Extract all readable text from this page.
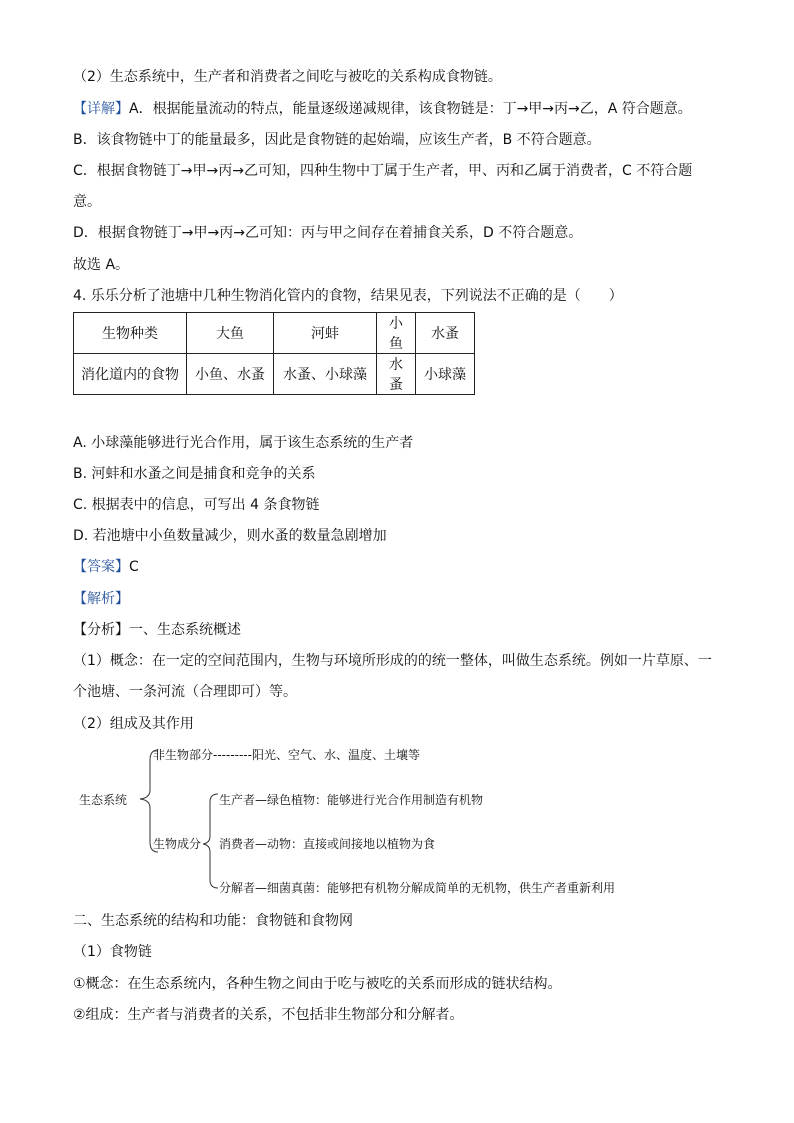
（2）生态系统中，生产者和消费者之间吃与被吃的关系构成食物链。
【详解】A．根据能量流动的特点，能量逐级递减规律，该食物链是：丁→甲→丙→乙，A 符合题意。
B．该食物链中丁的能量最多，因此是食物链的起始端，应该生产者，B 不符合题意。
C．根据食物链丁→甲→丙→乙可知，四种生物中丁属于生产者，甲、丙和乙属于消费者，C 不符合题
意。
D．根据食物链丁→甲→丙→乙可知：丙与甲之间存在着捕食关系，D 不符合题意。
故选 A。
4. 乐乐分析了池塘中几种生物消化管内的食物，结果见表，下列说法不正确的是（　　）
生物种类	大鱼	河蚌	小鱼	水蚤
消化道内的食物	小鱼、水蚤	水蚤、小球藻	水蚤	小球藻
A. 小球藻能够进行光合作用，属于该生态系统的生产者
B. 河蚌和水蚤之间是捕食和竞争的关系
C. 根据表中的信息，可写出 4 条食物链
D. 若池塘中小鱼数量减少，则水蚤的数量急剧增加
【答案】C
【解析】
【分析】一、生态系统概述
（1）概念：在一定的空间范围内，生物与环境所形成的的统一整体，叫做生态系统。例如一片草原、一
个池塘、一条河流（合理即可）等。
（2）组成及其作用
生态系统
非生物部分---------阳光、空气、水、温度、土壤等
生物成分
生产者—绿色植物：能够进行光合作用制造有机物
消费者—动物：直接或间接地以植物为食
分解者—细菌真菌：能够把有机物分解成简单的无机物，供生产者重新利用
二、生态系统的结构和功能：食物链和食物网
（1）食物链
①概念：在生态系统内，各种生物之间由于吃与被吃的关系而形成的链状结构。
②组成：生产者与消费者的关系，不包括非生物部分和分解者。
